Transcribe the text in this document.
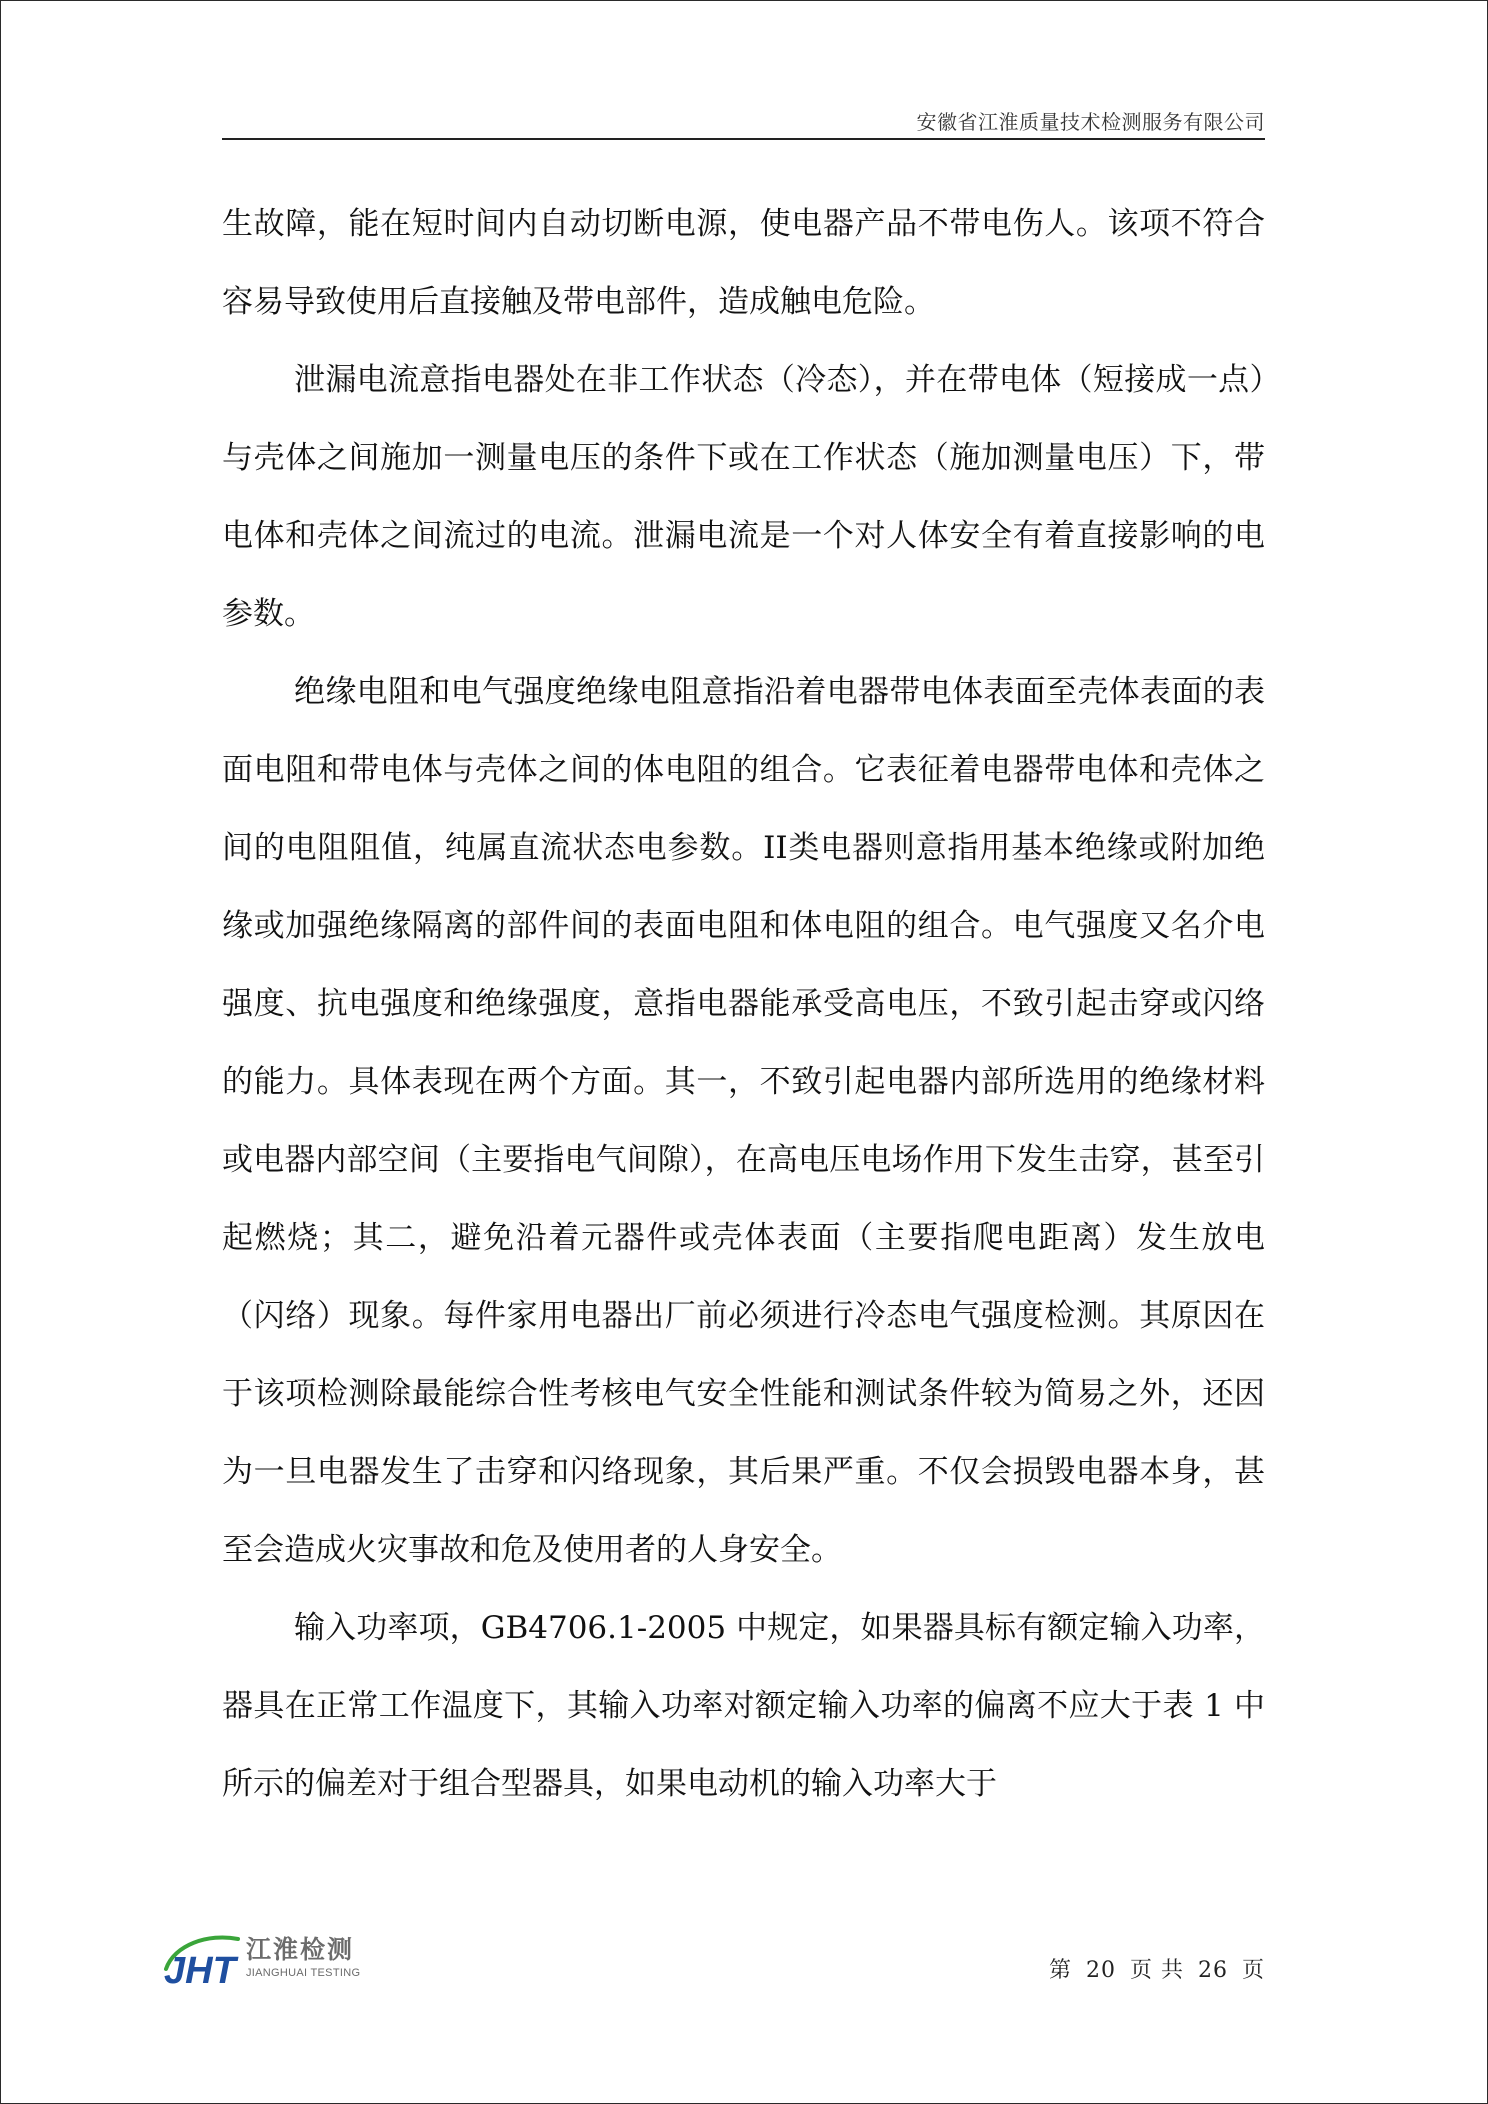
安徽省江淮质量技术检测服务有限公司

生故障，能在短时间内自动切断电源，使电器产品不带电伤人。该项不符合容易导致使用后直接触及带电部件，造成触电危险。

泄漏电流意指电器处在非工作状态（冷态），并在带电体（短接成一点）与壳体之间施加一测量电压的条件下或在工作状态（施加测量电压）下，带电体和壳体之间流过的电流。泄漏电流是一个对人体安全有着直接影响的电参数。

绝缘电阻和电气强度绝缘电阻意指沿着电器带电体表面至壳体表面的表面电阻和带电体与壳体之间的体电阻的组合。它表征着电器带电体和壳体之间的电阻阻值，纯属直流状态电参数。II类电器则意指用基本绝缘或附加绝缘或加强绝缘隔离的部件间的表面电阻和体电阻的组合。电气强度又名介电强度、抗电强度和绝缘强度，意指电器能承受高电压，不致引起击穿或闪络的能力。具体表现在两个方面。其一，不致引起电器内部所选用的绝缘材料或电器内部空间（主要指电气间隙），在高电压电场作用下发生击穿，甚至引起燃烧；其二，避免沿着元器件或壳体表面（主要指爬电距离）发生放电（闪络）现象。每件家用电器出厂前必须进行冷态电气强度检测。其原因在于该项检测除最能综合性考核电气安全性能和测试条件较为简易之外，还因为一旦电器发生了击穿和闪络现象，其后果严重。不仅会损毁电器本身，甚至会造成火灾事故和危及使用者的人身安全。

输入功率项，GB4706.1-2005 中规定，如果器具标有额定输入功率，器具在正常工作温度下，其输入功率对额定输入功率的偏离不应大于表 1 中所示的偏差对于组合型器具，如果电动机的输入功率大于

JHT
江淮检测
JIANGHUAI TESTING	第 20 页 共 26 页
